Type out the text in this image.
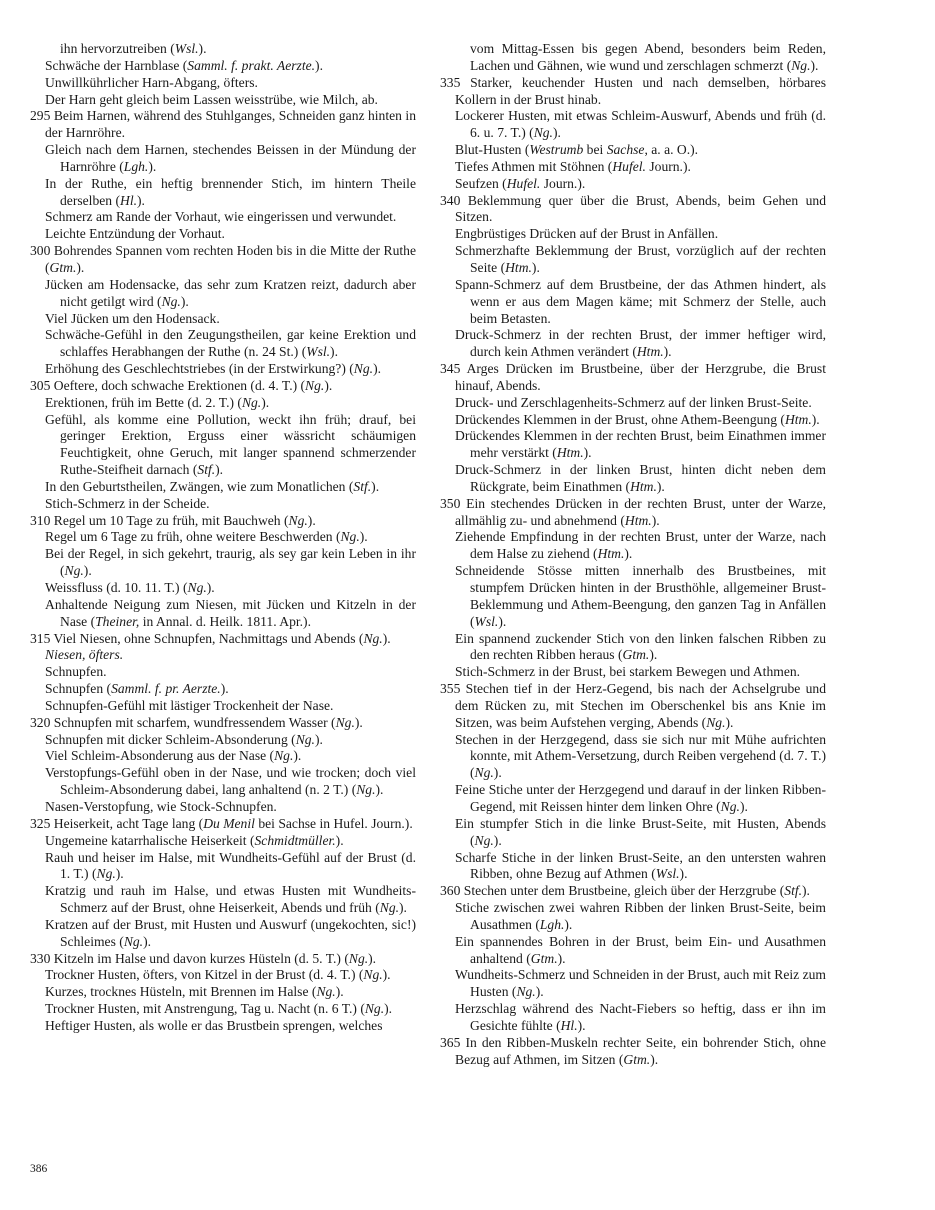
ihn hervorzutreiben (Wsl.).
Schwäche der Harnblase (Samml. f. prakt. Aerzte.).
Unwillkührlicher Harn-Abgang, öfters.
Der Harn geht gleich beim Lassen weisstrübe, wie Milch, ab.
295 Beim Harnen, während des Stuhlganges, Schneiden ganz hinten in der Harnröhre.
Gleich nach dem Harnen, stechendes Beissen in der Mündung der Harnröhre (Lgh.).
In der Ruthe, ein heftig brennender Stich, im hintern Theile derselben (Hl.).
Schmerz am Rande der Vorhaut, wie eingerissen und verwundet.
Leichte Entzündung der Vorhaut.
300 Bohrendes Spannen vom rechten Hoden bis in die Mitte der Ruthe (Gtm.).
Jücken am Hodensacke, das sehr zum Kratzen reizt, dadurch aber nicht getilgt wird (Ng.).
Viel Jücken um den Hodensack.
Schwäche-Gefühl in den Zeugungstheilen, gar keine Erektion und schlaffes Herabhangen der Ruthe (n. 24 St.) (Wsl.).
Erhöhung des Geschlechtstriebes (in der Erstwirkung?) (Ng.).
305 Oeftere, doch schwache Erektionen (d. 4. T.) (Ng.).
Erektionen, früh im Bette (d. 2. T.) (Ng.).
Gefühl, als komme eine Pollution, weckt ihn früh; drauf, bei geringer Erektion, Erguss einer wässricht schäumigen Feuchtigkeit, ohne Geruch, mit langer spannend schmerzender Ruthe-Steifheit darnach (Stf.).
In den Geburtstheilen, Zwängen, wie zum Monatlichen (Stf.).
Stich-Schmerz in der Scheide.
310 Regel um 10 Tage zu früh, mit Bauchweh (Ng.).
Regel um 6 Tage zu früh, ohne weitere Beschwerden (Ng.).
Bei der Regel, in sich gekehrt, traurig, als sey gar kein Leben in ihr (Ng.).
Weissfluss (d. 10. 11. T.) (Ng.).
Anhaltende Neigung zum Niesen, mit Jücken und Kitzeln in der Nase (Theiner, in Annal. d. Heilk. 1811. Apr.).
315 Viel Niesen, ohne Schnupfen, Nachmittags und Abends (Ng.).
Niesen, öfters.
Schnupfen.
Schnupfen (Samml. f. pr. Aerzte.).
Schnupfen-Gefühl mit lästiger Trockenheit der Nase.
320 Schnupfen mit scharfem, wundfressendem Wasser (Ng.).
Schnupfen mit dicker Schleim-Absonderung (Ng.).
Viel Schleim-Absonderung aus der Nase (Ng.).
Verstopfungs-Gefühl oben in der Nase, und wie trocken; doch viel Schleim-Absonderung dabei, lang anhaltend (n. 2 T.) (Ng.).
Nasen-Verstopfung, wie Stock-Schnupfen.
325 Heiserkeit, acht Tage lang (Du Menil bei Sachse in Hufel. Journ.).
Ungemeine katarrhalische Heiserkeit (Schmidtmüller.).
Rauh und heiser im Halse, mit Wundheits-Gefühl auf der Brust (d. 1. T.) (Ng.).
Kratzig und rauh im Halse, und etwas Husten mit Wundheits-Schmerz auf der Brust, ohne Heiserkeit, Abends und früh (Ng.).
Kratzen auf der Brust, mit Husten und Auswurf (ungekochten, sic!) Schleimes (Ng.).
330 Kitzeln im Halse und davon kurzes Hüsteln (d. 5. T.) (Ng.).
Trockner Husten, öfters, von Kitzel in der Brust (d. 4. T.) (Ng.).
Kurzes, trocknes Hüsteln, mit Brennen im Halse (Ng.).
Trockner Husten, mit Anstrengung, Tag u. Nacht (n. 6 T.) (Ng.).
Heftiger Husten, als wolle er das Brustbein sprengen, welches
vom Mittag-Essen bis gegen Abend, besonders beim Reden, Lachen und Gähnen, wie wund und zerschlagen schmerzt (Ng.).
335 Starker, keuchender Husten und nach demselben, hörbares Kollern in der Brust hinab.
Lockerer Husten, mit etwas Schleim-Auswurf, Abends und früh (d. 6. u. 7. T.) (Ng.).
Blut-Husten (Westrumb bei Sachse, a. a. O.).
Tiefes Athmen mit Stöhnen (Hufel. Journ.).
Seufzen (Hufel. Journ.).
340 Beklemmung quer über die Brust, Abends, beim Gehen und Sitzen.
Engbrüstiges Drücken auf der Brust in Anfällen.
Schmerzhafte Beklemmung der Brust, vorzüglich auf der rechten Seite (Htm.).
Spann-Schmerz auf dem Brustbeine, der das Athmen hindert, als wenn er aus dem Magen käme; mit Schmerz der Stelle, auch beim Betasten.
Druck-Schmerz in der rechten Brust, der immer heftiger wird, durch kein Athmen verändert (Htm.).
345 Arges Drücken im Brustbeine, über der Herzgrube, die Brust hinauf, Abends.
Druck- und Zerschlagenheits-Schmerz auf der linken Brust-Seite.
Drückendes Klemmen in der Brust, ohne Athem-Beengung (Htm.).
Drückendes Klemmen in der rechten Brust, beim Einathmen immer mehr verstärkt (Htm.).
Druck-Schmerz in der linken Brust, hinten dicht neben dem Rückgrate, beim Einathmen (Htm.).
350 Ein stechendes Drücken in der rechten Brust, unter der Warze, allmählig zu- und abnehmend (Htm.).
Ziehende Empfindung in der rechten Brust, unter der Warze, nach dem Halse zu ziehend (Htm.).
Schneidende Stösse mitten innerhalb des Brustbeines, mit stumpfem Drücken hinten in der Brusthöhle, allgemeiner Brust-Beklemmung und Athem-Beengung, den ganzen Tag in Anfällen (Wsl.).
Ein spannend zuckender Stich von den linken falschen Ribben zu den rechten Ribben heraus (Gtm.).
Stich-Schmerz in der Brust, bei starkem Bewegen und Athmen.
355 Stechen tief in der Herz-Gegend, bis nach der Achselgrube und dem Rücken zu, mit Stechen im Oberschenkel bis ans Knie im Sitzen, was beim Aufstehen verging, Abends (Ng.).
Stechen in der Herzgegend, dass sie sich nur mit Mühe aufrichten konnte, mit Athem-Versetzung, durch Reiben vergehend (d. 7. T.) (Ng.).
Feine Stiche unter der Herzgegend und darauf in der linken Ribben-Gegend, mit Reissen hinter dem linken Ohre (Ng.).
Ein stumpfer Stich in die linke Brust-Seite, mit Husten, Abends (Ng.).
Scharfe Stiche in der linken Brust-Seite, an den untersten wahren Ribben, ohne Bezug auf Athmen (Wsl.).
360 Stechen unter dem Brustbeine, gleich über der Herzgrube (Stf.).
Stiche zwischen zwei wahren Ribben der linken Brust-Seite, beim Ausathmen (Lgh.).
Ein spannendes Bohren in der Brust, beim Ein- und Ausathmen anhaltend (Gtm.).
Wundheits-Schmerz und Schneiden in der Brust, auch mit Reiz zum Husten (Ng.).
Herzschlag während des Nacht-Fiebers so heftig, dass er ihn im Gesichte fühlte (Hl.).
365 In den Ribben-Muskeln rechter Seite, ein bohrender Stich, ohne Bezug auf Athmen, im Sitzen (Gtm.).
386
